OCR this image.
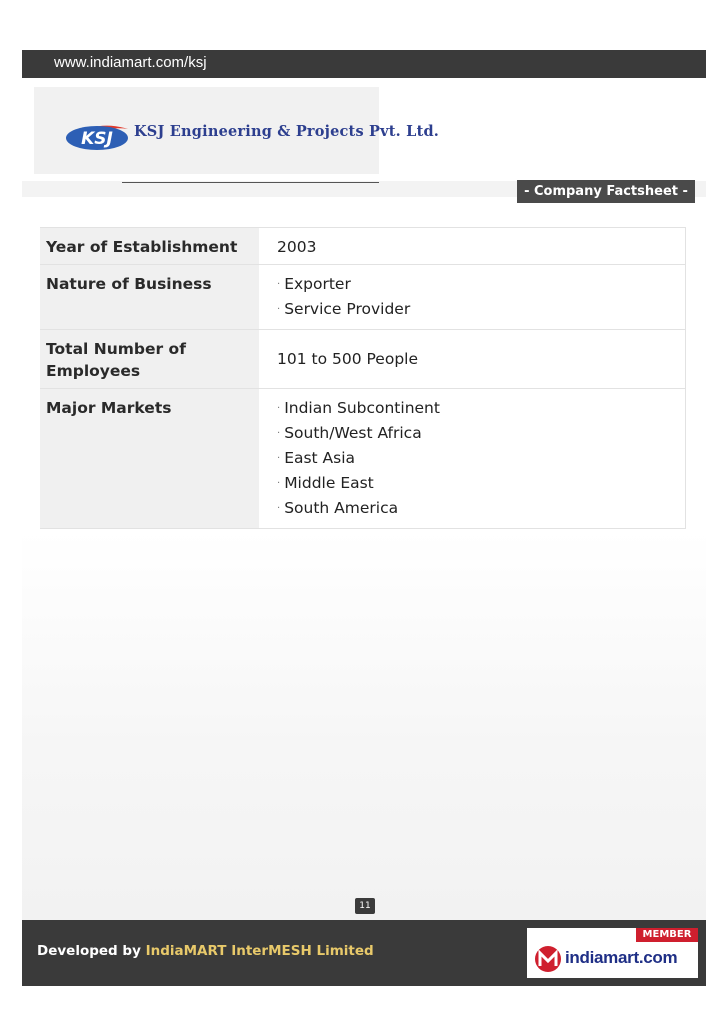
www.indiamart.com/ksj
KSJ KSJ Engineering & Projects Pvt. Ltd.
- Company Factsheet -
Year of Establishment	2003
Nature of Business	· Exporter
· Service Provider

Total Number of Employees	101 to 500 People
Major Markets	· Indian Subcontinent
· South/West Africa
· East Asia
· Middle East
· South America
11
Developed by IndiaMART InterMESH Limited
MEMBER
indiamart.com
